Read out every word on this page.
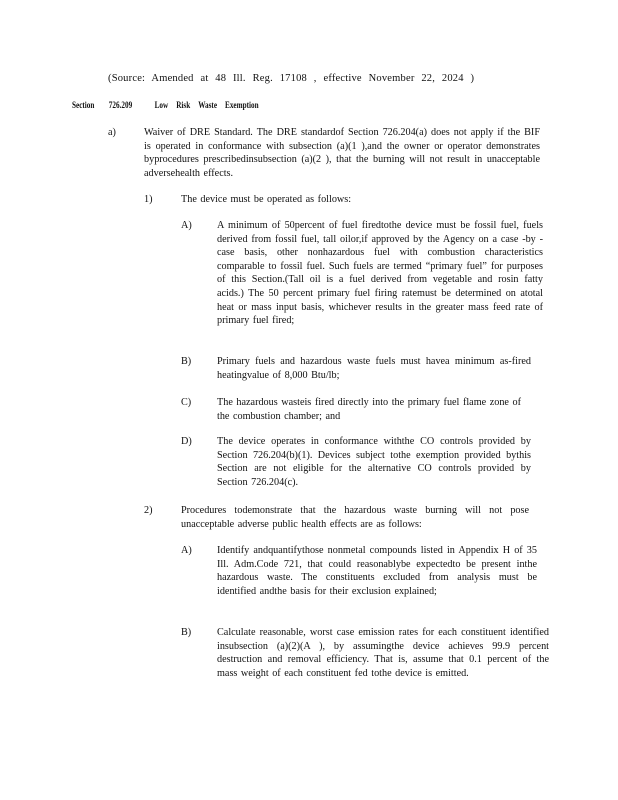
(Source: Amended at 48 Ill. Reg. 17108 , effective November 22, 2024 )
Section 726.209 Low Risk Waste Exemption
a)	Waiver of DRE Standard. The DRE standardof Section 726.204(a) does not apply if the BIF is operated in conformance with subsection (a)(1 ),and the owner or operator demonstrates byprocedures prescribedinsubsection (a)(2 ), that the burning will not result in unacceptable adversehealth effects.
1)	The device must be operated as follows:
A) A minimum of 50percent of fuel firedtothe device must be fossil fuel, fuels derived from fossil fuel, tall oilor,if approved by the Agency on a case -by -case basis, other nonhazardous fuel with combustion characteristics comparable to fossil fuel. Such fuels are termed “primary fuel” for purposes of this Section.(Tall oil is a fuel derived from vegetable and rosin fatty acids.) The 50 percent primary fuel firing ratemust be determined on atotal heat or mass input basis, whichever results in the greater mass feed rate of primary fuel fired;
B)	Primary fuels and hazardous waste fuels must havea minimum as-fired heatingvalue of 8,000 Btu/lb;
C)	The hazardous wasteis fired directly into the primary fuel flame zone of the combustion chamber; and
D) The device operates in conformance withthe CO controls provided by Section 726.204(b)(1). Devices subject tothe exemption provided bythis Section are not eligible for the alternative CO controls provided by Section 726.204(c).
2)	Procedures todemonstrate that the hazardous waste burning will not pose unacceptable adverse public health effects are as follows:
A) Identify andquantifythose nonmetal compounds listed in Appendix H of 35 Ill. Adm.Code 721, that could reasonablybe expectedto be present inthe hazardous waste. The constituents excluded from analysis must be identified andthe basis for their exclusion explained;
B)	Calculate reasonable, worst case emission rates for each constituent identified insubsection (a)(2)(A ), by assumingthe device achieves 99.9 percent destruction and removal efficiency. That is, assume that 0.1 percent of the mass weight of each constituent fed tothe device is emitted.
